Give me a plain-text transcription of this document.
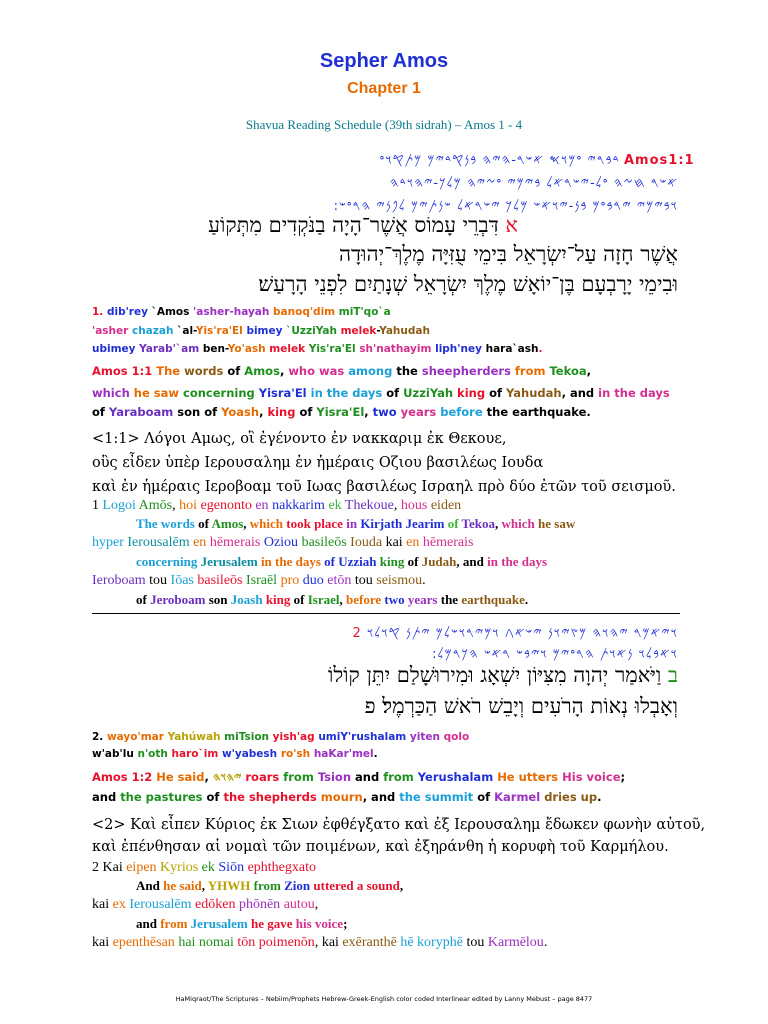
Sepher Amos
Chapter 1
Shavua Reading Schedule (39th sidrah) – Amos 1 - 4
𐤃𐤁𐤓𐤉 𐤏𐤌𐤅𐤎 𐤀𐤔𐤓-𐤄𐤉𐤄 𐤁𐤍𐤒𐤃𐤉𐤌 𐤌𐤕𐤒𐤅𐤏 Amos1:1
𐤀𐤔𐤓 𐤇𐤆𐤄 𐤏𐤋-𐤉𐤔𐤓𐤀𐤋 𐤁𐤉𐤌𐤉 𐤏𐤆𐤉𐤄 𐤌𐤋𐤊-𐤉𐤄𐤅𐤃𐤄
𐤅𐤁𐤉𐤌𐤉 𐤉𐤓𐤁𐤏𐤌 𐤁𐤍-𐤉𐤅𐤀𐤔 𐤌𐤋𐤊 𐤉𐤔𐤓𐤀𐤋 𐤔𐤍𐤕𐤉𐤌 𐤋𐤐𐤍𐤉 𐤄𐤓𐤏𐤔:
א דִּבְרֵי עָמוֹס אֲשֶׁר־הָיָה בַנֹּקְדִים מִתְּקוֹעַ
אֲשֶׁר חָזָה עַל־יִשְׂרָאֵל בִּימֵי עֻזִּיָּה מֶלֶךְ־יְהוּדָה
וּבִימֵי יָרָבְעָם בֶּן־יוֹאָשׁ מֶלֶךְ יִשְׂרָאֵל שְׁנָתַיִם לִפְנֵי הָרָעַשׁ׃
1. dib'rey `Amos 'asher-hayah banoq'dim miT'qo`a
'asher chazah `al-Yis'ra'El bimey `UzziYah melek-Yahudah
ubimey Yarab'`am ben-Yo'ash melek Yis'ra'El sh'nathayim liph'ney hara`ash.
Amos 1:1 The words of Amos, who was among the sheepherders from Tekoa,
which he saw concerning Yisra'El in the days of UzziYah king of Yahudah, and in the days
of Yaraboam son of Yoash, king of Yisra'El, two years before the earthquake.
<1:1> Λόγοι Αμως, οἳ ἐγένοντο ἐν νακκαριμ ἐκ Θεκουε,
οὓς εἶδεν ὑπὲρ Ιερουσαλημ ἐν ἡμέραις Οζιου βασιλέως Ιουδα
καὶ ἐν ἡμέραις Ιεροβοαμ τοῦ Ιωας βασιλέως Ισραηλ πρὸ δύο ἐτῶν τοῦ σεισμοῦ.
1 Logoi Amōs, hoi egenonto en nakkarim ek Thekoue, hous eiden
The words of Amos, which took place in Kirjath Jearim of Tekoa, which he saw
hyper Ierousalēm en hēmerais Oziou basileōs Iouda kai en hēmerais
concerning Jerusalem in the days of Uzziah king of Judah, and in the days
Ieroboam tou Iōas basileōs Israēl pro duo etōn tou seismou.
of Jeroboam son Joash king of Israel, before two years the earthquake.
𐤅𐤉𐤀𐤌𐤓 𐤉𐤄𐤅𐤄 𐤌𐤑𐤉𐤅𐤍 𐤉𐤔𐤀𐤂 𐤅𐤌𐤉𐤓𐤅𐤔𐤋𐤌 𐤉𐤕𐤍 𐤒𐤅𐤋𐤅 2
𐤅𐤀𐤁𐤋𐤅 𐤍𐤀𐤅𐤕 𐤄𐤓𐤏𐤉𐤌 𐤅𐤉𐤁𐤔 𐤓𐤀𐤔 𐤄𐤊𐤓𐤌𐤋:
ב וַיֹּאמַר יְהוָה מִצִּיּוֹן יִשְׁאָג וּמִירוּשָׁלַם יִתֵּן קוֹלוֹ
וְאָבְלוּ נְאוֹת הָרֹעִים וְיָבֵשׁ רֹאשׁ הַכַּרְמֶל׃ פ
2. wayo'mar Yahúwah miTsion yish'ag umiY'rushalam yiten qolo
w'ab'lu n'oth haro`im w'yabesh ro'sh haKar'mel.
Amos 1:2 He said, 𐤉𐤄𐤅𐤄 roars from Tsion and from Yerushalam He utters His voice;
and the pastures of the shepherds mourn, and the summit of Karmel dries up.
<2> Καὶ εἶπεν Κύριος ἐκ Σιων ἐφθέγξατο καὶ ἐξ Ιερουσαλημ ἔδωκεν φωνὴν αὐτοῦ,
καὶ ἐπένθησαν αἱ νομαὶ τῶν ποιμένων, καὶ ἐξηράνθη ἡ κορυφὴ τοῦ Καρμήλου.
2 Kai eipen Kyrios ek Siōn ephthegxato
And he said, YHWH from Zion uttered a sound,
kai ex Ierousalēm edōken phōnēn autou,
and from Jerusalem he gave his voice;
kai epenthēsan hai nomai tōn poimenōn, kai exēranthē hē koryphē tou Karmēlou.
HaMiqraot/The Scriptures – Nebiim/Prophets Hebrew-Greek-English color coded Interlinear edited by Lanny Mebust – page 8477
